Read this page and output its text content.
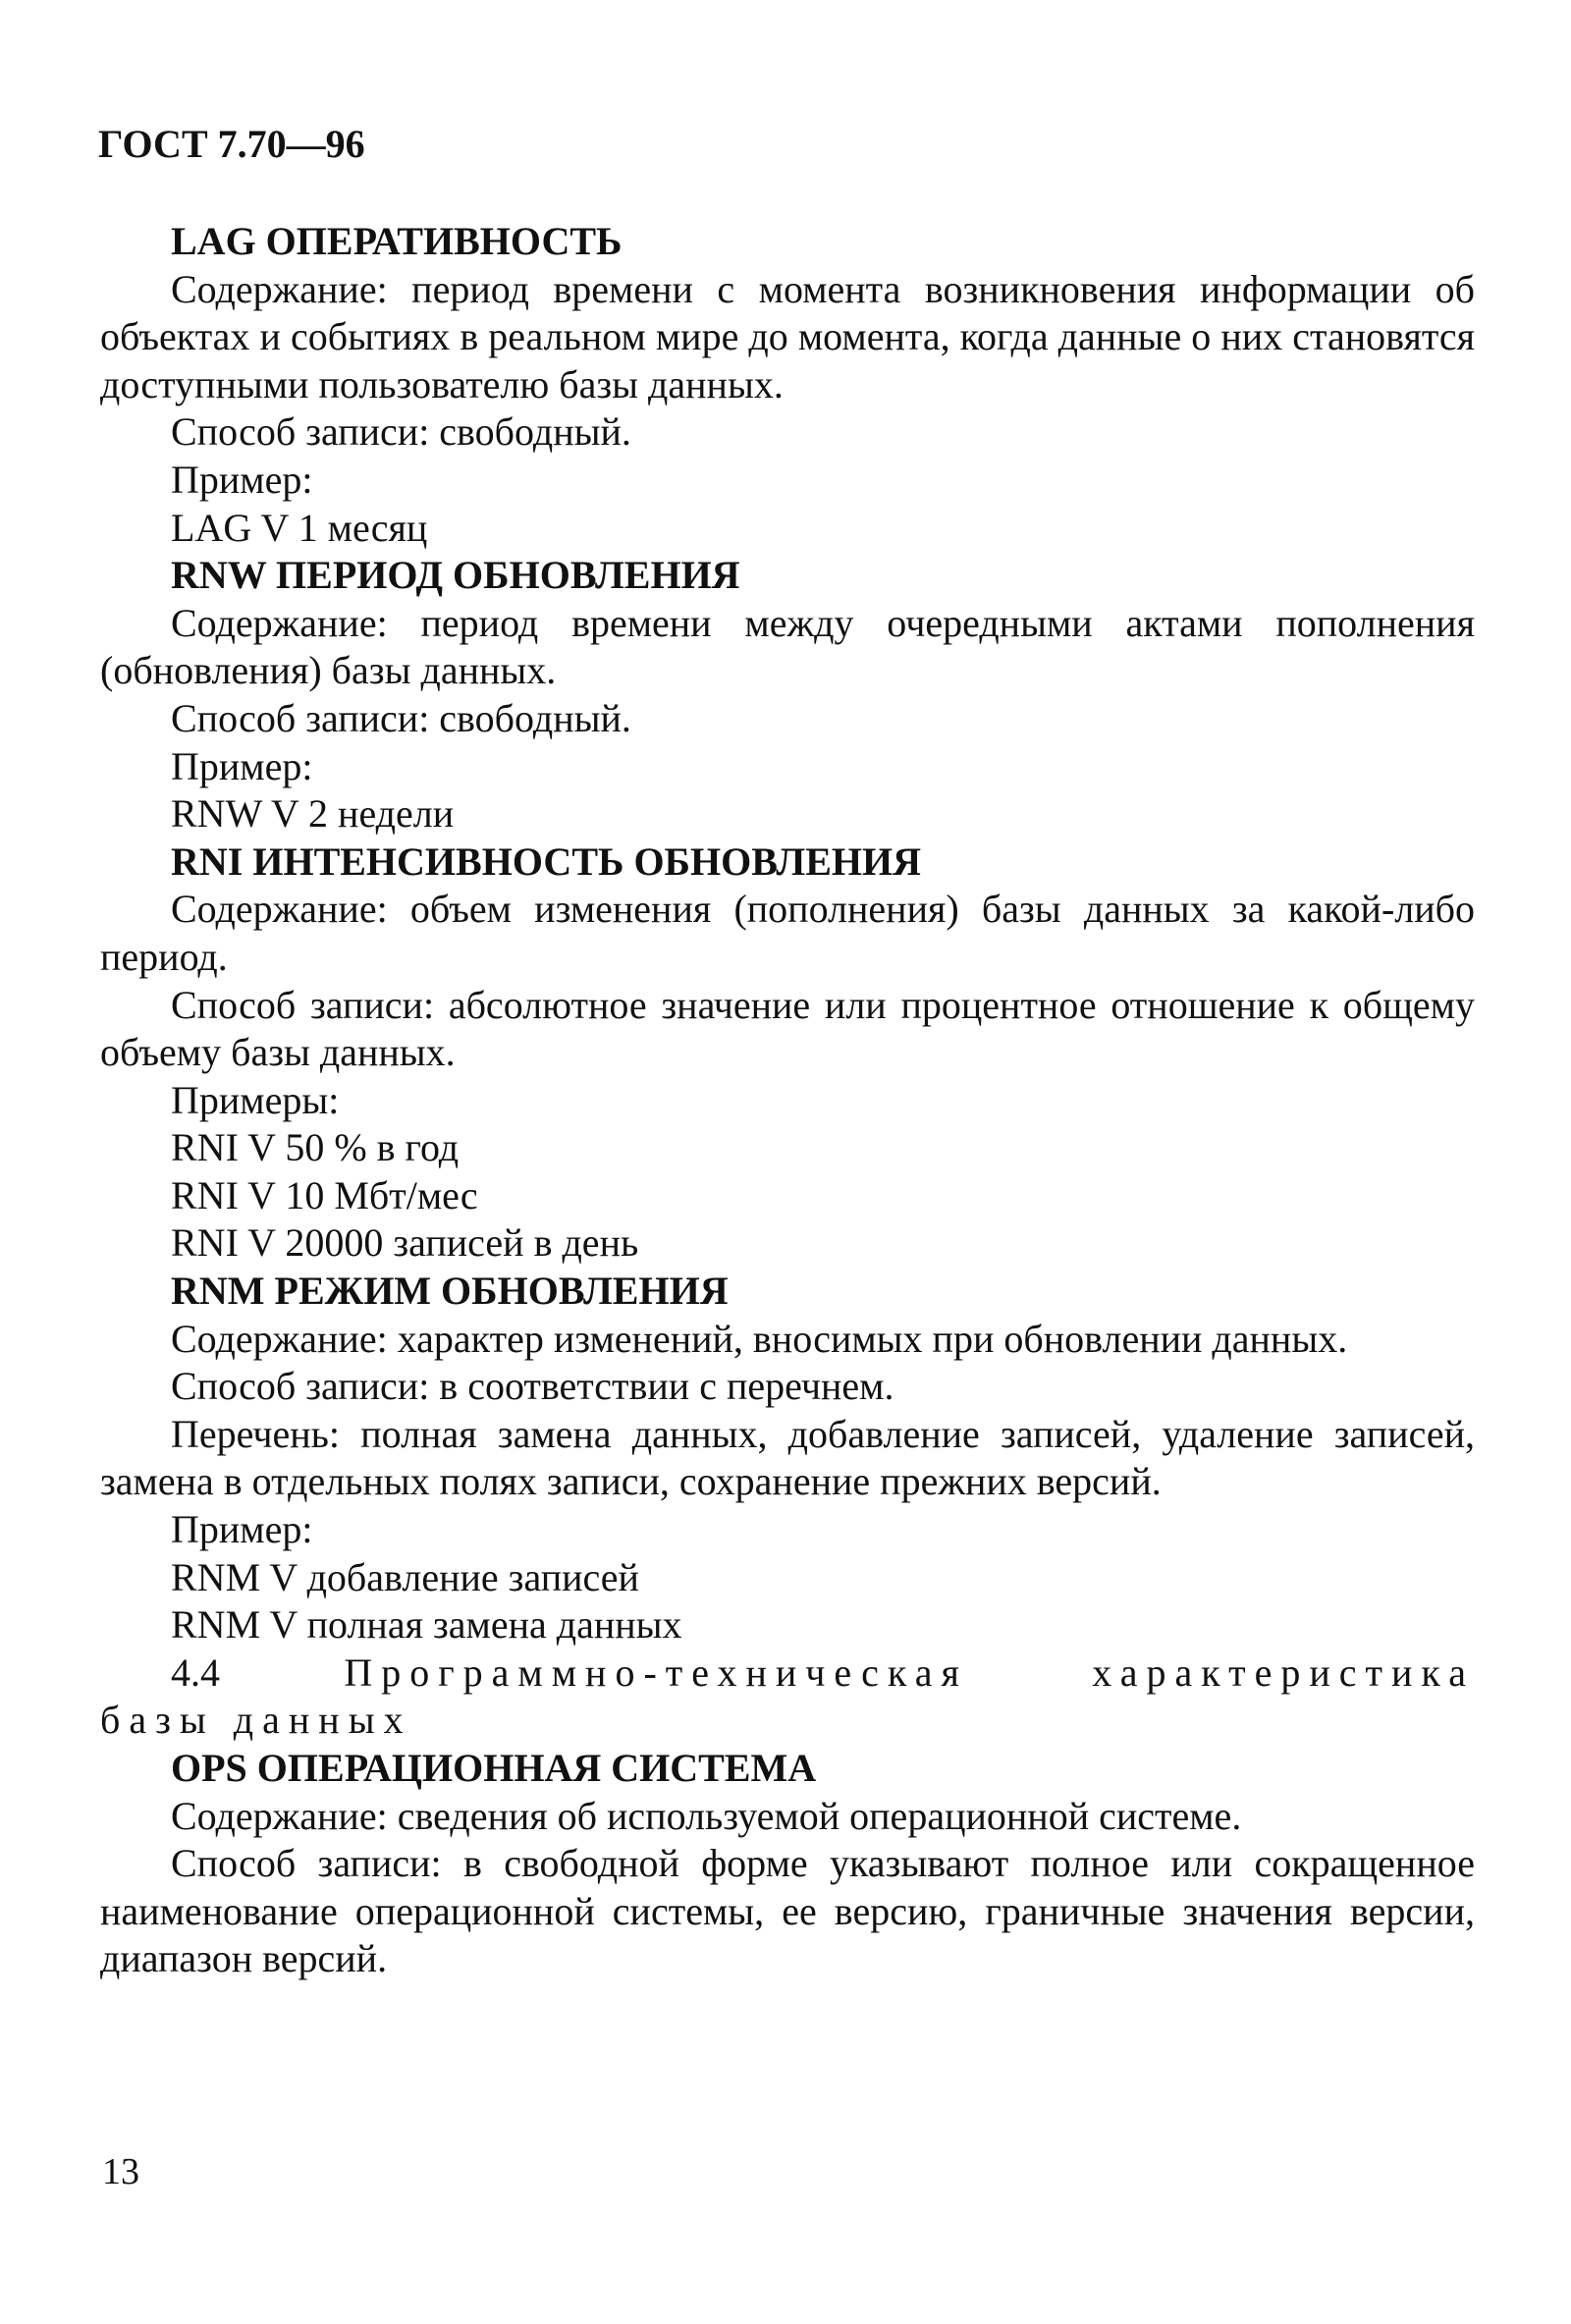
ГОСТ 7.70—96

LAG ОПЕРАТИВНОСТЬ

Содержание: период времени с момента возникновения информации об объектах и событиях в реальном мире до момента, когда данные о них становятся доступными пользователю базы данных.

Способ записи: свободный.

Пример:

LAG V 1 месяц

RNW ПЕРИОД ОБНОВЛЕНИЯ

Содержание: период времени между очередными актами пополнения (обновления) базы данных.

Способ записи: свободный.

Пример:

RNW V 2 недели

RNI ИНТЕНСИВНОСТЬ ОБНОВЛЕНИЯ

Содержание: объем изменения (пополнения) базы данных за какой-либо период.

Способ записи: абсолютное значение или процентное отношение к общему объему базы данных.

Примеры:

RNI V 50 % в год

RNI V 10 Мбт/мес

RNI V 20000 записей в день

RNM РЕЖИМ ОБНОВЛЕНИЯ

Содержание: характер изменений, вносимых при обновлении данных.

Способ записи: в соответствии с перечнем.

Перечень: полная замена данных, добавление записей, удаление записей, замена в отдельных полях записи, сохранение прежних версий.

Пример:

RNM V добавление записей

RNM V полная замена данных

4.4	Программно-техническая	характеристика

базы данных

OPS ОПЕРАЦИОННАЯ СИСТЕМА

Содержание: сведения об используемой операционной системе.

Способ записи: в свободной форме указывают полное или сокращенное наименование операционной системы, ее версию, граничные значения версии, диапазон версий.

13
